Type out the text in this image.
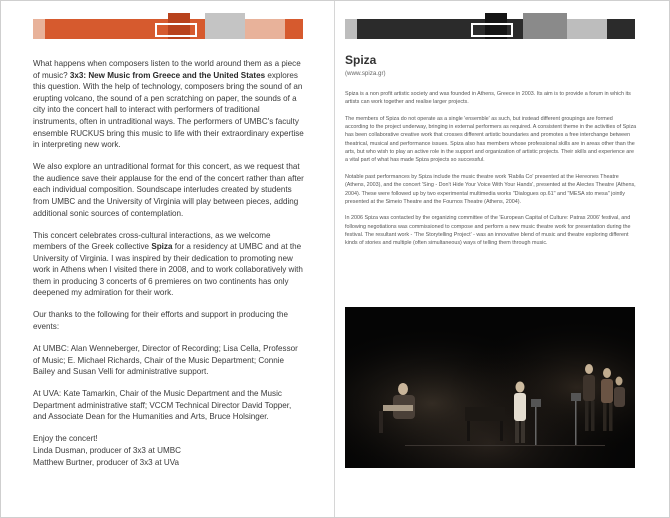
What happens when composers listen to the world around them as a piece of music? 3x3: New Music from Greece and the United States explores this question. With the help of technology, composers bring the sound of an erupting volcano, the sound of a pen scratching on paper, the sounds of a city into the concert hall to interact with performers of traditional instruments, often in untraditional ways. The performers of UMBC's faculty ensemble RUCKUS bring this music to life with their extraordinary expertise in interpreting new work.

We also explore an untraditional format for this concert, as we request that the audience save their applause for the end of the concert rather than after each individual composition. Soundscape interludes created by students from UMBC and the University of Virginia will play between pieces, adding additional sonic sources of contemplation.

This concert celebrates cross-cultural interactions, as we welcome members of the Greek collective Spiza for a residency at UMBC and at the University of Virginia. I was inspired by their dedication to promoting new work in Athens when I visited there in 2008, and to work collaboratively with them in producing 3 concerts of 6 premieres on two continents has only deepened my admiration for their work.

Our thanks to the following for their efforts and support in producing the events:

At UMBC: Alan Wenneberger, Director of Recording; Lisa Cella, Professor of Music; E. Michael Richards, Chair of the Music Department; Connie Bailey and Susan Velli for administrative support.

At UVA: Kate Tamarkin, Chair of the Music Department and the Music Department administrative staff; VCCM Technical Director David Topper, and Associate Dean for the Humanities and Arts, Bruce Holsinger.

Enjoy the concert!
Linda Dusman, producer of 3x3 at UMBC
Matthew Burtner, producer of 3x3 at UVa
Spiza
(www.spiza.gr)

Spiza is a non profit artistic society and was founded in Athens, Greece in 2003. Its aim is to provide a forum in which its artists can work together and realise larger projects.

The members of Spiza do not operate as a single 'ensemble' as such, but instead different groupings are formed according to the project underway, bringing in external performers as required. A consistent theme in the activities of Spiza has been collaborative creative work that crosses different artistic boundaries and promotes a free interchange between theatrical, musical and performance issues. Spiza also has members whose professional skills are in areas other than the arts, but who wish to play an active role in the support and organization of artistic projects. Their skills and experience are a vital part of what has made Spiza projects so successful.

Notable past performances by Spiza include the music theatre work 'Rabila Co' presented at the Hereones Theatre (Athens, 2003), and the concert 'Sing - Don't Hide Your Voice With Your Hands', presented at the Alectes Theatre (Athens, 2004). These were followed up by two experimental multimedia works "Dialogues op.61" and "MESA sto mesa" jointly presented at the Simeio Theatre and the Fournos Theatre (Athens, 2004).

In 2006 Spiza was contacted by the organizing committee of the 'European Capital of Culture: Patras 2006' festival, and following negotiations was commissioned to compose and perform a new music theatre work for presentation during the festival. The resultant work - 'The Storytelling Project' - was an innovative blend of music and theatre exploring different kinds of stories and multiple (often simultaneous) ways of telling them through music.
